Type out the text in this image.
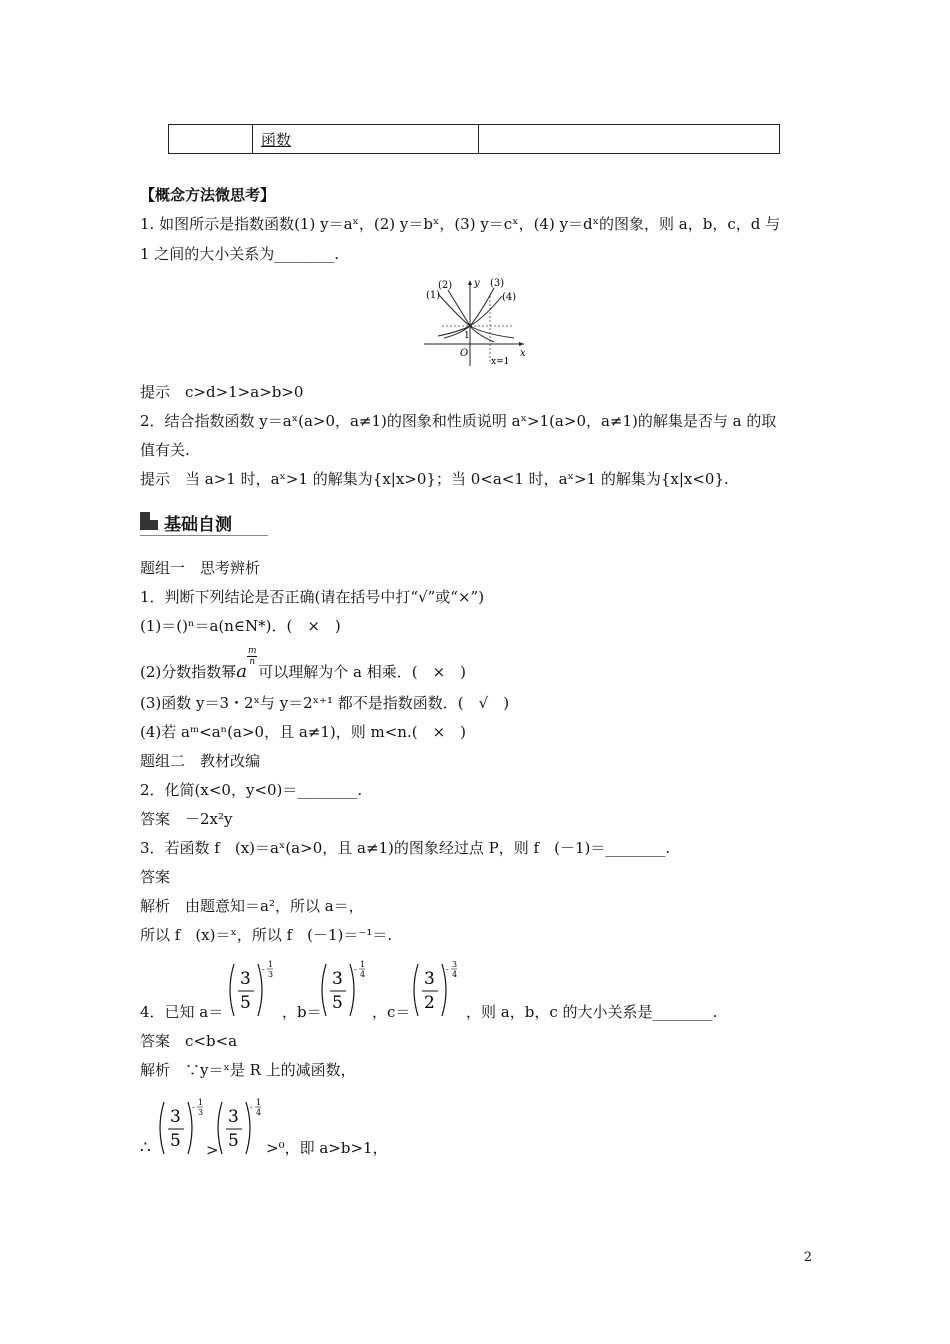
	函数	
【概念方法微思考】
1. 如图所示是指数函数(1) y＝aˣ，(2) y＝bˣ，(3) y＝cˣ，(4) y＝dˣ的图象，则 a，b，c，d 与
1 之间的大小关系为________.
(1)
(2)	(3)
(4)
y
x
O
1
x=1
提示　c>d>1>a>b>0
2．结合指数函数 y＝aˣ(a>0，a≠1)的图象和性质说明 aˣ>1(a>0，a≠1)的解集是否与 a 的取
值有关.
提示　当 a>1 时，aˣ>1 的解集为{x|x>0}；当 0<a<1 时，aˣ>1 的解集为{x|x<0}.
基础自测
题组一　思考辨析
1．判断下列结论是否正确(请在括号中打“√”或“×”)
(1)＝()ⁿ＝a(n∈N*)．(　×　)
(2)分数指数幂a
$\frac{m}{n}$
可以理解为个 a 相乘．(　×　)
(3)函数 y＝3・2ˣ与 y＝2ˣ⁺¹ 都不是指数函数．(　√　)
(4)若 aᵐ<aⁿ(a>0，且 a≠1)，则 m<n.(　×　)
题组二　教材改编
2．化简(x<0，y<0)＝________.
答案　－2x²y
3．若函数 f　(x)＝aˣ(a>0，且 a≠1)的图象经过点 P，则 f　(－1)＝________.
答案
解析　由题意知＝a²，所以 a＝，
所以 f　(x)＝ˣ，所以 f　(－1)＝⁻¹＝.
4．已知 a＝	，b＝	，c＝	，则 a，b，c 的大小关系是________.
3
5
-
1
3	3
5
-
1
4	3
2
-
3
4
答案　c<b<a
解析　∵y＝ˣ是 R 上的减函数，
∴
3
5
-
1
3
>
3
5
-
1
4
>⁰，即 a>b>1，
2
